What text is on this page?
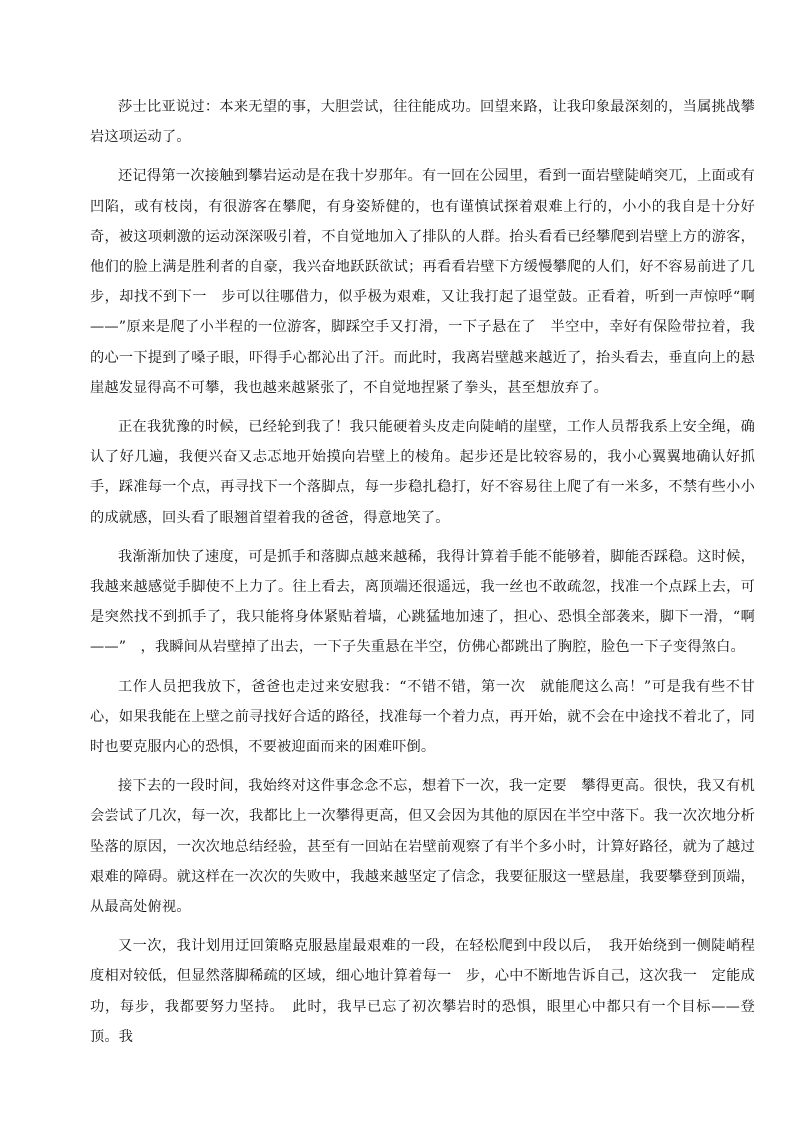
莎士比亚说过：本来无望的事，大胆尝试，往往能成功。回望来路，让我印象最深刻的，当属挑战攀岩这项运动了。

还记得第一次接触到攀岩运动是在我十岁那年。有一回在公园里，看到一面岩壁陡峭突兀，上面或有凹陷，或有枝岗，有很游客在攀爬，有身姿矫健的，也有谨慎试探着艰难上行的，小小的我自是十分好奇，被这项刺激的运动深深吸引着，不自觉地加入了排队的人群。抬头看看已经攀爬到岩壁上方的游客，他们的脸上满是胜利者的自豪，我兴奋地跃跃欲试；再看看岩壁下方缓慢攀爬的人们，好不容易前进了几步，却找不到下一　步可以往哪借力，似乎极为艰难，又让我打起了退堂鼓。正看着，听到一声惊呼“啊——”原来是爬了小半程的一位游客，脚踩空手又打滑，一下子悬在了　半空中，幸好有保险带拉着，我的心一下提到了嗓子眼，吓得手心都沁出了汗。而此时，我离岩壁越来越近了，抬头看去，垂直向上的悬崖越发显得高不可攀，我也越来越紧张了，不自觉地捏紧了拳头，甚至想放弃了。

正在我犹豫的时候，已经轮到我了！我只能硬着头皮走向陡峭的崖壁，工作人员帮我系上安全绳，确认了好几遍，我便兴奋又忐忑地开始摸向岩壁上的棱角。起步还是比较容易的，我小心翼翼地确认好抓手，踩准每一个点，再寻找下一个落脚点，每一步稳扎稳打，好不容易往上爬了有一米多，不禁有些小小的成就感，回头看了眼翘首望着我的爸爸，得意地笑了。

我渐渐加快了速度，可是抓手和落脚点越来越稀，我得计算着手能不能够着，脚能否踩稳。这时候，我越来越感觉手脚使不上力了。往上看去，离顶端还很遥远，我一丝也不敢疏忽，找准一个点踩上去，可是突然找不到抓手了，我只能将身体紧贴着墙，心跳猛地加速了，担心、恐惧全部袭来，脚下一滑，“啊——”　，我瞬间从岩壁掉了出去，一下子失重悬在半空，仿佛心都跳出了胸腔，脸色一下子变得煞白。

工作人员把我放下，爸爸也走过来安慰我：“不错不错，第一次　就能爬这么高！”可是我有些不甘心，如果我能在上壁之前寻找好合适的路径，找准每一个着力点，再开始，就不会在中途找不着北了，同时也要克服内心的恐惧，不要被迎面而来的困难吓倒。

接下去的一段时间，我始终对这件事念念不忘，想着下一次，我一定要　攀得更高。很快，我又有机会尝试了几次，每一次，我都比上一次攀得更高，但又会因为其他的原因在半空中落下。我一次次地分析坠落的原因，一次次地总结经验，甚至有一回站在岩壁前观察了有半个多小时，计算好路径，就为了越过艰难的障碍。就这样在一次次的失败中，我越来越坚定了信念，我要征服这一壁悬崖，我要攀登到顶端，从最高处俯视。

又一次，我计划用迂回策略克服悬崖最艰难的一段，在轻松爬到中段以后，　我开始绕到一侧陡峭程度相对较低，但显然落脚稀疏的区域，细心地计算着每一　步，心中不断地告诉自己，这次我一　定能成功，每步，我都要努力坚持。　此时，我早已忘了初次攀岩时的恐惧，眼里心中都只有一个目标——登顶。我
